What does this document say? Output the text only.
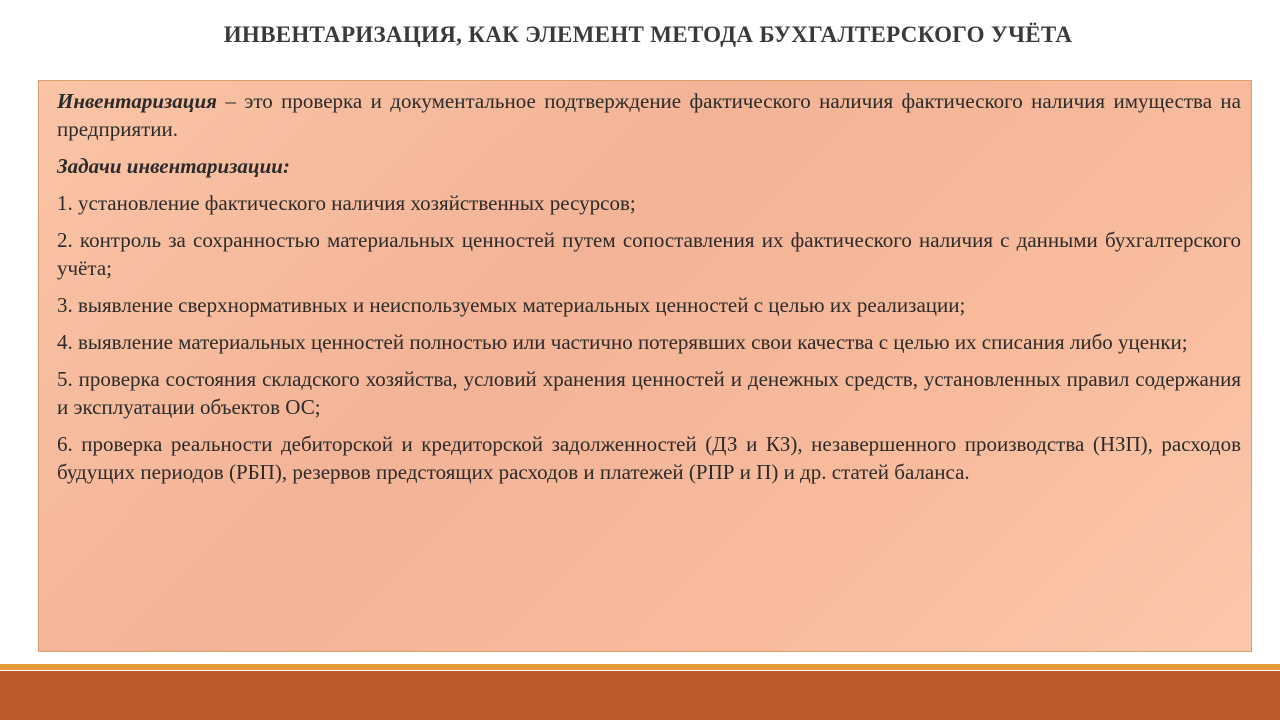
ИНВЕНТАРИЗАЦИЯ, КАК ЭЛЕМЕНТ МЕТОДА БУХГАЛТЕРСКОГО УЧЁТА

Инвентаризация – это проверка и документальное подтверждение фактического наличия фактического наличия имущества на предприятии.

Задачи инвентаризации:

1. установление фактического наличия хозяйственных ресурсов;

2. контроль за сохранностью материальных ценностей путем сопоставления их фактического наличия с данными бухгалтерского учёта;

3. выявление сверхнормативных и неиспользуемых материальных ценностей с целью их реализации;

4. выявление материальных ценностей полностью или частично потерявших свои качества с целью их списания либо уценки;

5. проверка состояния складского хозяйства, условий хранения ценностей и денежных средств, установленных правил содержания и эксплуатации объектов ОС;

6. проверка реальности дебиторской и кредиторской задолженностей (ДЗ и КЗ), незавершенного производства (НЗП), расходов будущих периодов (РБП), резервов предстоящих расходов и платежей (РПР и П) и др. статей баланса.
